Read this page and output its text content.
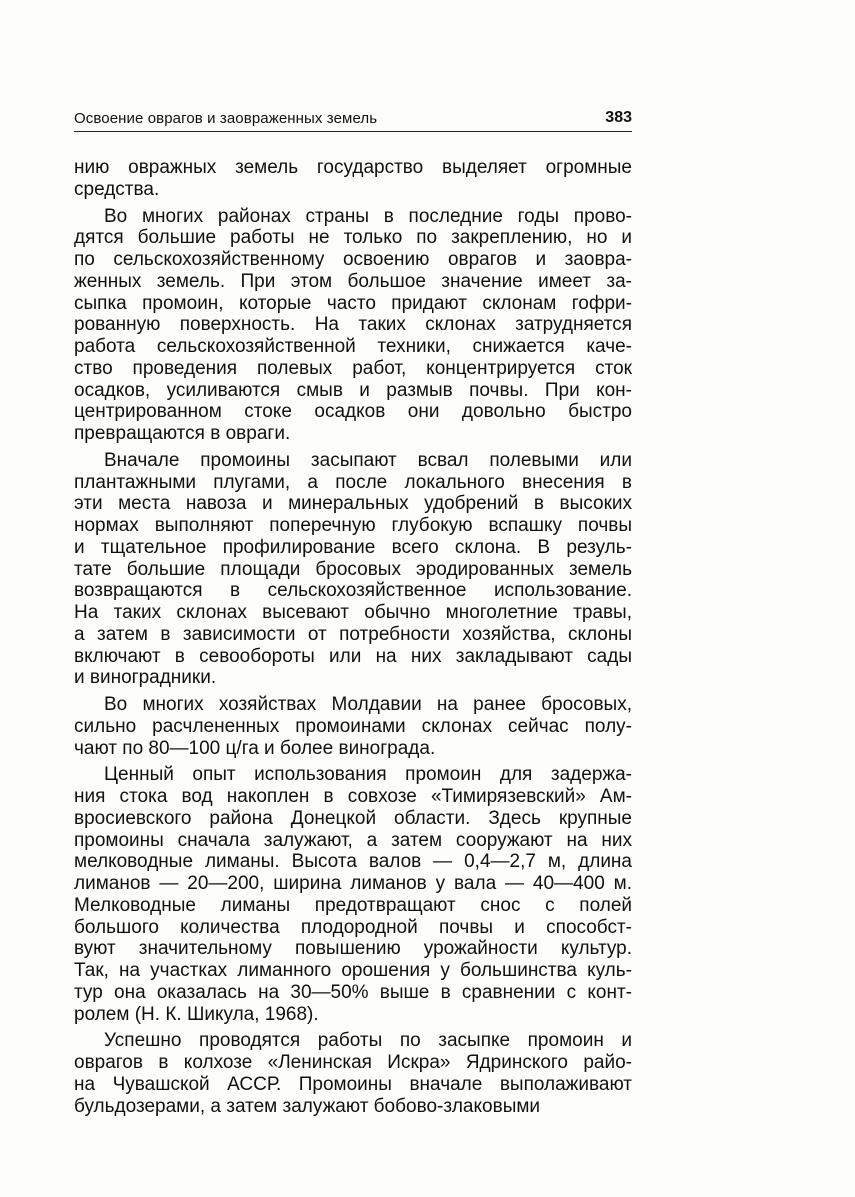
Освоение оврагов и заовраженных земель	383
нию овражных земель государство выделяет огромные
средства.
Во многих районах страны в последние годы прово-
дятся большие работы не только по закреплению, но и
по сельскохозяйственному освоению оврагов и заовра-
женных земель. При этом большое значение имеет за-
сыпка промоин, которые часто придают склонам гофри-
рованную поверхность. На таких склонах затрудняется
работа сельскохозяйственной техники, снижается каче-
ство проведения полевых работ, концентрируется сток
осадков, усиливаются смыв и размыв почвы. При кон-
центрированном стоке осадков они довольно быстро
превращаются в овраги.
Вначале промоины засыпают всвал полевыми или
плантажными плугами, а после локального внесения в
эти места навоза и минеральных удобрений в высоких
нормах выполняют поперечную глубокую вспашку почвы
и тщательное профилирование всего склона. В резуль-
тате большие площади бросовых эродированных земель
возвращаются в сельскохозяйственное использование.
На таких склонах высевают обычно многолетние травы,
а затем в зависимости от потребности хозяйства, склоны
включают в севообороты или на них закладывают сады
и виноградники.
Во многих хозяйствах Молдавии на ранее бросовых,
сильно расчлененных промоинами склонах сейчас полу-
чают по 80—100 ц/га и более винограда.
Ценный опыт использования промоин для задержа-
ния стока вод накоплен в совхозе «Тимирязевский» Ам-
вросиевского района Донецкой области. Здесь крупные
промоины сначала залужают, а затем сооружают на них
мелководные лиманы. Высота валов — 0,4—2,7 м, длина
лиманов — 20—200, ширина лиманов у вала — 40—400 м.
Мелководные лиманы предотвращают снос с полей
большого количества плодородной почвы и способст-
вуют значительному повышению урожайности культур.
Так, на участках лиманного орошения у большинства куль-
тур она оказалась на 30—50% выше в сравнении с конт-
ролем (Н. К. Шикула, 1968).
Успешно проводятся работы по засыпке промоин и
оврагов в колхозе «Ленинская Искра» Ядринского райо-
на Чувашской АССР. Промоины вначале выполаживают
бульдозерами, а затем залужают бобово-злаковыми
